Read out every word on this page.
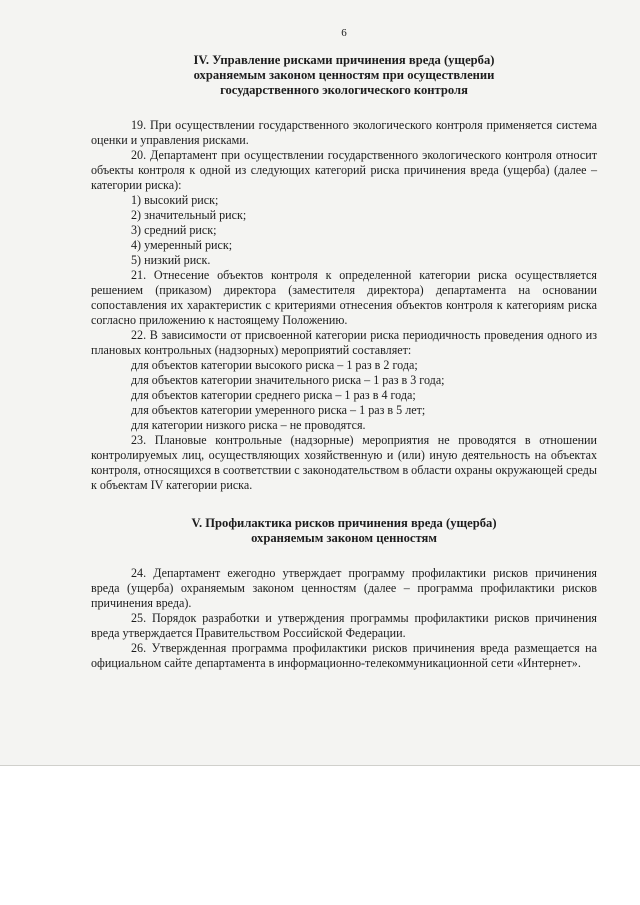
6
IV. Управление рисками причинения вреда (ущерба)
охраняемым законом ценностям при осуществлении
государственного экологического контроля

19. При осуществлении государственного экологического контроля применяется система оценки и управления рисками.

20. Департамент при осуществлении государственного экологического контроля относит объекты контроля к одной из следующих категорий риска причинения вреда (ущерба) (далее – категории риска):

1) высокий риск;
2) значительный риск;
3) средний риск;
4) умеренный риск;
5) низкий риск.

21. Отнесение объектов контроля к определенной категории риска осуществляется решением (приказом) директора (заместителя директора) департамента на основании сопоставления их характеристик с критериями отнесения объектов контроля к категориям риска согласно приложению к настоящему Положению.

22. В зависимости от присвоенной категории риска периодичность проведения одного из плановых контрольных (надзорных) мероприятий составляет:

для объектов категории высокого риска – 1 раз в 2 года;
для объектов категории значительного риска – 1 раз в 3 года;
для объектов категории среднего риска – 1 раз в 4 года;
для объектов категории умеренного риска – 1 раз в 5 лет;
для категории низкого риска – не проводятся.

23. Плановые контрольные (надзорные) мероприятия не проводятся в отношении контролируемых лиц, осуществляющих хозяйственную и (или) иную деятельность на объектах контроля, относящихся в соответствии с законодательством в области охраны окружающей среды к объектам IV категории риска.

V. Профилактика рисков причинения вреда (ущерба)
охраняемым законом ценностям

24. Департамент ежегодно утверждает программу профилактики рисков причинения вреда (ущерба) охраняемым законом ценностям (далее – программа профилактики рисков причинения вреда).

25. Порядок разработки и утверждения программы профилактики рисков причинения вреда утверждается Правительством Российской Федерации.

26. Утвержденная программа профилактики рисков причинения вреда размещается на официальном сайте департамента в информационно-телекоммуникационной сети «Интернет».
